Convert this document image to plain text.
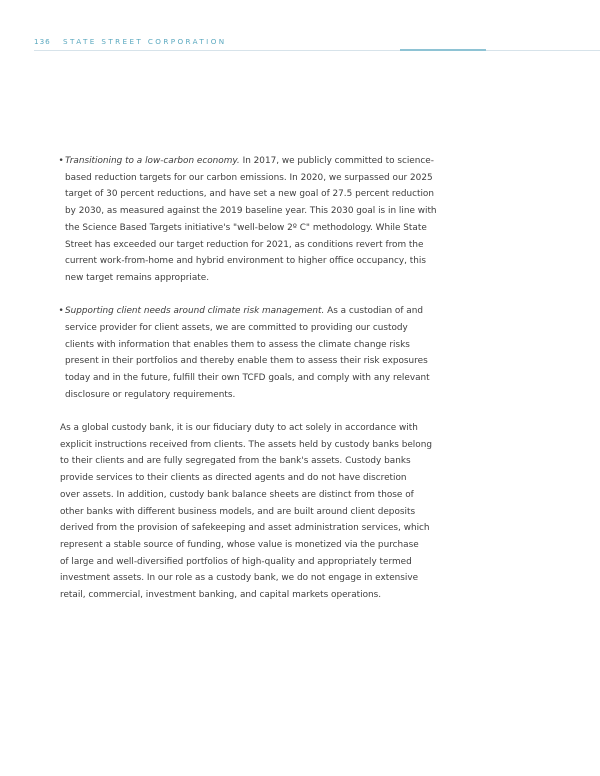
136 STATE STREET CORPORATION
• Transitioning to a low-carbon economy. In 2017, we publicly committed to science-
based reduction targets for our carbon emissions. In 2020, we surpassed our 2025
target of 30 percent reductions, and have set a new goal of 27.5 percent reduction
by 2030, as measured against the 2019 baseline year. This 2030 goal is in line with
the Science Based Targets initiative's "well-below 2º C" methodology. While State
Street has exceeded our target reduction for 2021, as conditions revert from the
current work-from-home and hybrid environment to higher office occupancy, this
new target remains appropriate.

• Supporting client needs around climate risk management. As a custodian of and
service provider for client assets, we are committed to providing our custody
clients with information that enables them to assess the climate change risks
present in their portfolios and thereby enable them to assess their risk exposures
today and in the future, fulfill their own TCFD goals, and comply with any relevant
disclosure or regulatory requirements.

As a global custody bank, it is our fiduciary duty to act solely in accordance with
explicit instructions received from clients. The assets held by custody banks belong
to their clients and are fully segregated from the bank's assets. Custody banks
provide services to their clients as directed agents and do not have discretion
over assets. In addition, custody bank balance sheets are distinct from those of
other banks with different business models, and are built around client deposits
derived from the provision of safekeeping and asset administration services, which
represent a stable source of funding, whose value is monetized via the purchase
of large and well-diversified portfolios of high-quality and appropriately termed
investment assets. In our role as a custody bank, we do not engage in extensive
retail, commercial, investment banking, and capital markets operations.
